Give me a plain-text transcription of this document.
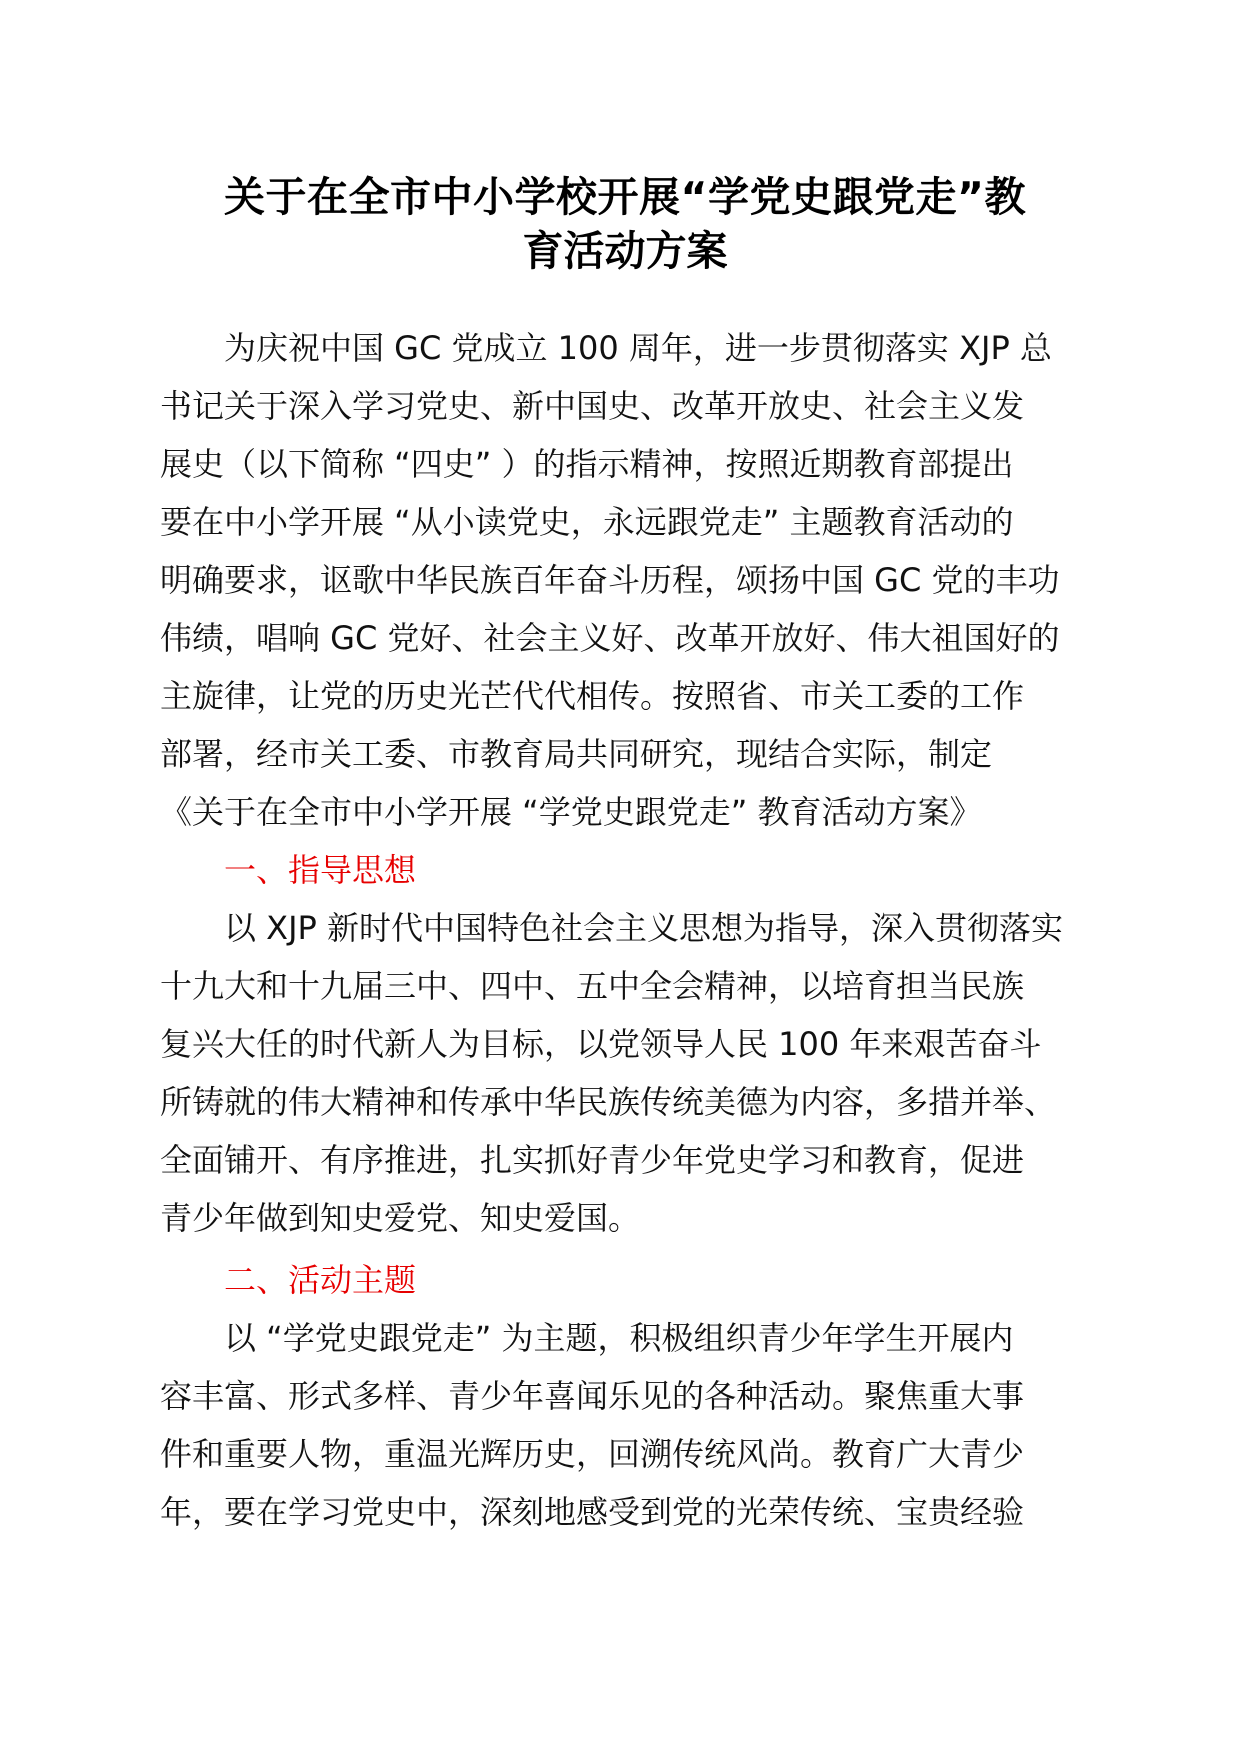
关于在全市中小学校开展“学党史跟党走”教
育活动方案
为庆祝中国 GC 党成立 100 周年，进一步贯彻落实 XJP 总
书记关于深入学习党史、新中国史、改革开放史、社会主义发
展史（以下简称 “四史” ）的指示精神，按照近期教育部提出
要在中小学开展 “从小读党史，永远跟党走” 主题教育活动的
明确要求，讴歌中华民族百年奋斗历程，颂扬中国 GC 党的丰功
伟绩，唱响 GC 党好、社会主义好、改革开放好、伟大祖国好的
主旋律，让党的历史光芒代代相传。按照省、市关工委的工作
部署，经市关工委、市教育局共同研究，现结合实际，制定
《关于在全市中小学开展 “学党史跟党走” 教育活动方案》
一、指导思想
以 XJP 新时代中国特色社会主义思想为指导，深入贯彻落实
十九大和十九届三中、四中、五中全会精神，以培育担当民族
复兴大任的时代新人为目标，以党领导人民 100 年来艰苦奋斗
所铸就的伟大精神和传承中华民族传统美德为内容，多措并举、
全面铺开、有序推进，扎实抓好青少年党史学习和教育，促进
青少年做到知史爱党、知史爱国。
二、活动主题
以 “学党史跟党走” 为主题，积极组织青少年学生开展内
容丰富、形式多样、青少年喜闻乐见的各种活动。聚焦重大事
件和重要人物，重温光辉历史，回溯传统风尚。教育广大青少
年，要在学习党史中，深刻地感受到党的光荣传统、宝贵经验
